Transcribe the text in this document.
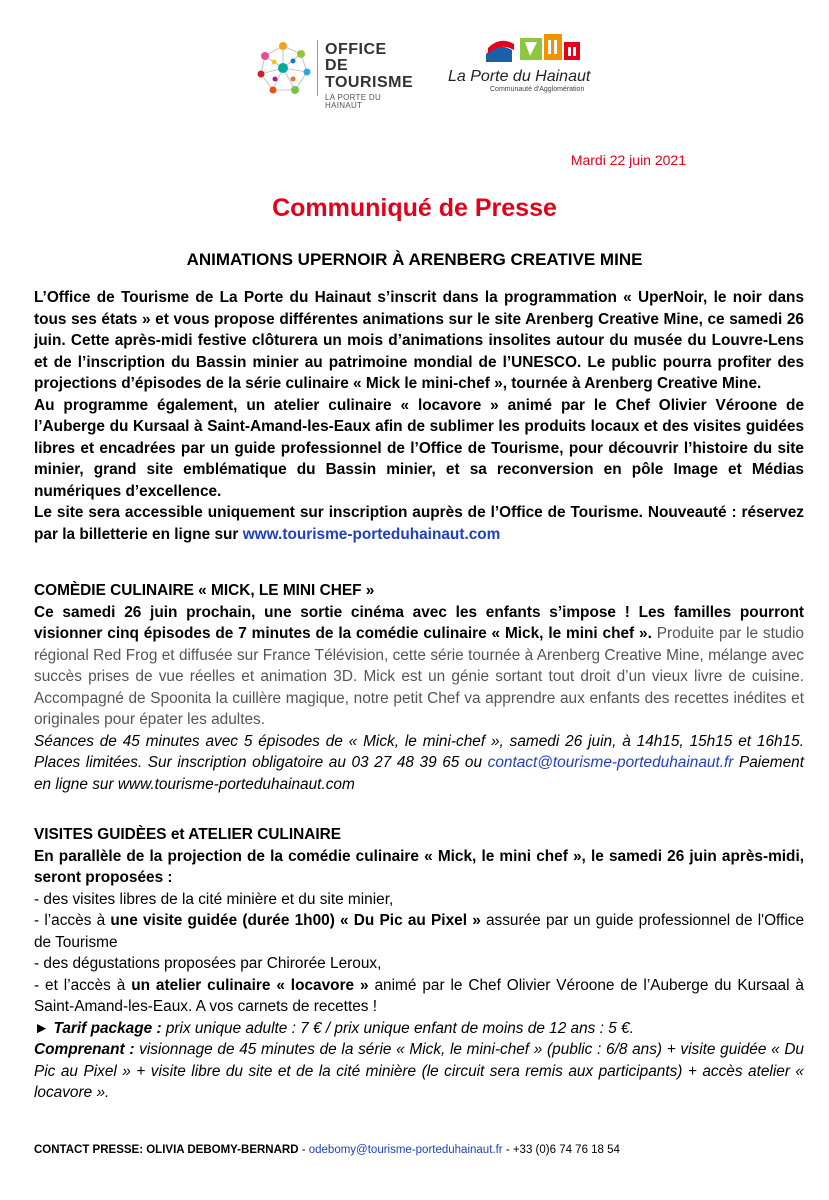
OFFICE DE
TOURISME
LA PORTE DU HAINAUT
La Porte du Hainaut
Communauté d'Agglomération
Mardi 22 juin 2021
Communiqué de Presse
ANIMATIONS UPERNOIR À ARENBERG CREATIVE MINE

L’Office de Tourisme de La Porte du Hainaut s’inscrit dans la programmation « UperNoir, le noir dans tous ses états » et vous propose différentes animations sur le site Arenberg Creative Mine, ce samedi 26 juin. Cette après-midi festive clôturera un mois d’animations insolites autour du musée du Louvre-Lens et de l’inscription du Bassin minier au patrimoine mondial de l’UNESCO. Le public pourra profiter des projections d’épisodes de la série culinaire « Mick le mini-chef », tournée à Arenberg Creative Mine.

Au programme également, un atelier culinaire « locavore » animé par le Chef Olivier Véroone de l’Auberge du Kursaal à Saint-Amand-les-Eaux afin de sublimer les produits locaux et des visites guidées libres et encadrées par un guide professionnel de l’Office de Tourisme, pour découvrir l’histoire du site minier, grand site emblématique du Bassin minier, et sa reconversion en pôle Image et Médias numériques d’excellence.

Le site sera accessible uniquement sur inscription auprès de l’Office de Tourisme. Nouveauté : réservez par la billetterie en ligne sur www.tourisme-porteduhainaut.com

COMÈDIE CULINAIRE « MICK, LE MINI CHEF »

Ce samedi 26 juin prochain, une sortie cinéma avec les enfants s’impose ! Les familles pourront visionner cinq épisodes de 7 minutes de la comédie culinaire « Mick, le mini chef ». Produite par le studio régional Red Frog et diffusée sur France Télévision, cette série tournée à Arenberg Creative Mine, mélange avec succès prises de vue réelles et animation 3D. Mick est un génie sortant tout droit d’un vieux livre de cuisine. Accompagné de Spoonita la cuillère magique, notre petit Chef va apprendre aux enfants des recettes inédites et originales pour épater les adultes.

Séances de 45 minutes avec 5 épisodes de « Mick, le mini-chef », samedi 26 juin, à 14h15, 15h15 et 16h15. Places limitées. Sur inscription obligatoire au 03 27 48 39 65 ou contact@tourisme-porteduhainaut.fr Paiement en ligne sur www.tourisme-porteduhainaut.com

VISITES GUIDÈES et ATELIER CULINAIRE

En parallèle de la projection de la comédie culinaire « Mick, le mini chef », le samedi 26 juin après-midi, seront proposées :

- des visites libres de la cité minière et du site minier,

- l’accès à une visite guidée (durée 1h00) « Du Pic au Pixel » assurée par un guide professionnel de l'Office de Tourisme

- des dégustations proposées par Chirorée Leroux,

- et l’accès à un atelier culinaire « locavore » animé par le Chef Olivier Véroone de l’Auberge du Kursaal à Saint-Amand-les-Eaux. A vos carnets de recettes !

► Tarif package : prix unique adulte : 7 € / prix unique enfant de moins de 12 ans : 5 €.

Comprenant : visionnage de 45 minutes de la série « Mick, le mini-chef » (public : 6/8 ans) + visite guidée « Du Pic au Pixel » + visite libre du site et de la cité minière (le circuit sera remis aux participants) + accès atelier « locavore ».

CONTACT PRESSE: OLIVIA DEBOMY-BERNARD - odebomy@tourisme-porteduhainaut.fr - +33 (0)6 74 76 18 54
